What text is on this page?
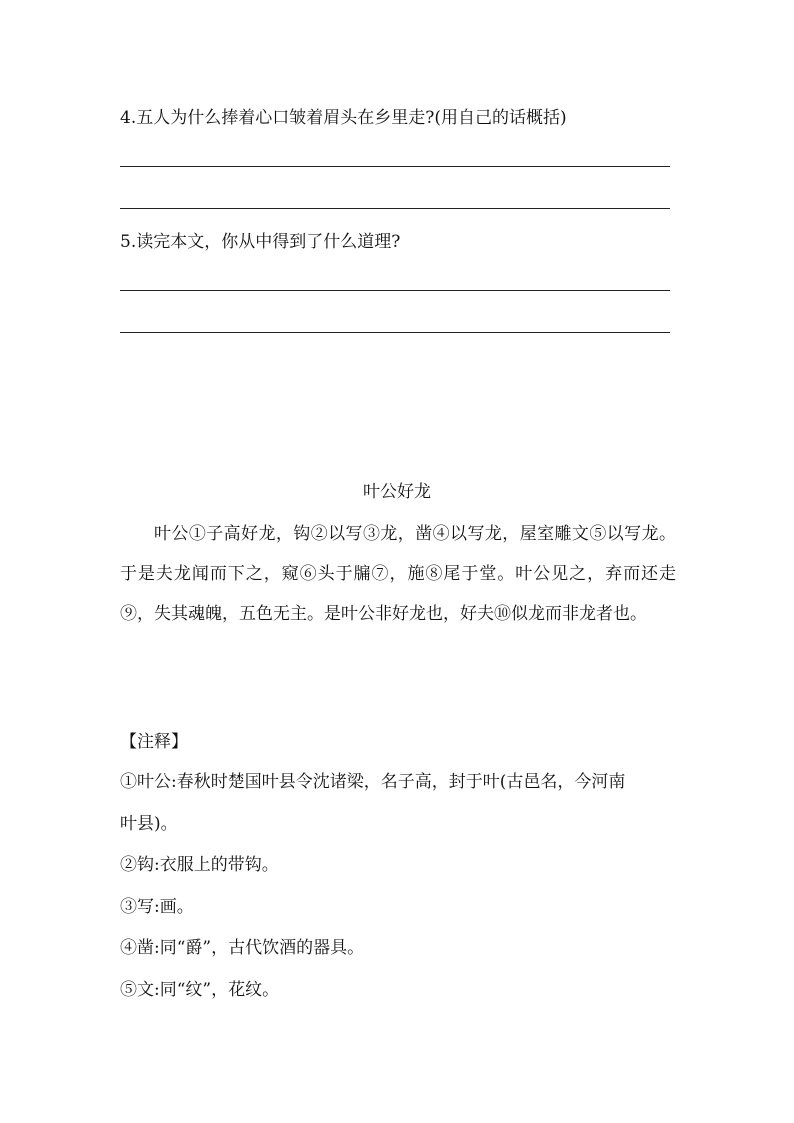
4.五人为什么捧着心口皱着眉头在乡里走?(用自己的话概括)
5.读完本文，你从中得到了什么道理?
叶公好龙
叶公①子高好龙，钩②以写③龙，凿④以写龙，屋室雕文⑤以写龙。于是夫龙闻而下之，窥⑥头于牖⑦，施⑧尾于堂。叶公见之，弃而还走⑨，失其魂魄，五色无主。是叶公非好龙也，好夫⑩似龙而非龙者也。
【注释】
①叶公:春秋时楚国叶县令沈诸梁，名子高，封于叶(古邑名，今河南
叶县)。
②钩:衣服上的带钩。
③写:画。
④凿:同“爵”，古代饮酒的器具。
⑤文:同“纹”，花纹。
